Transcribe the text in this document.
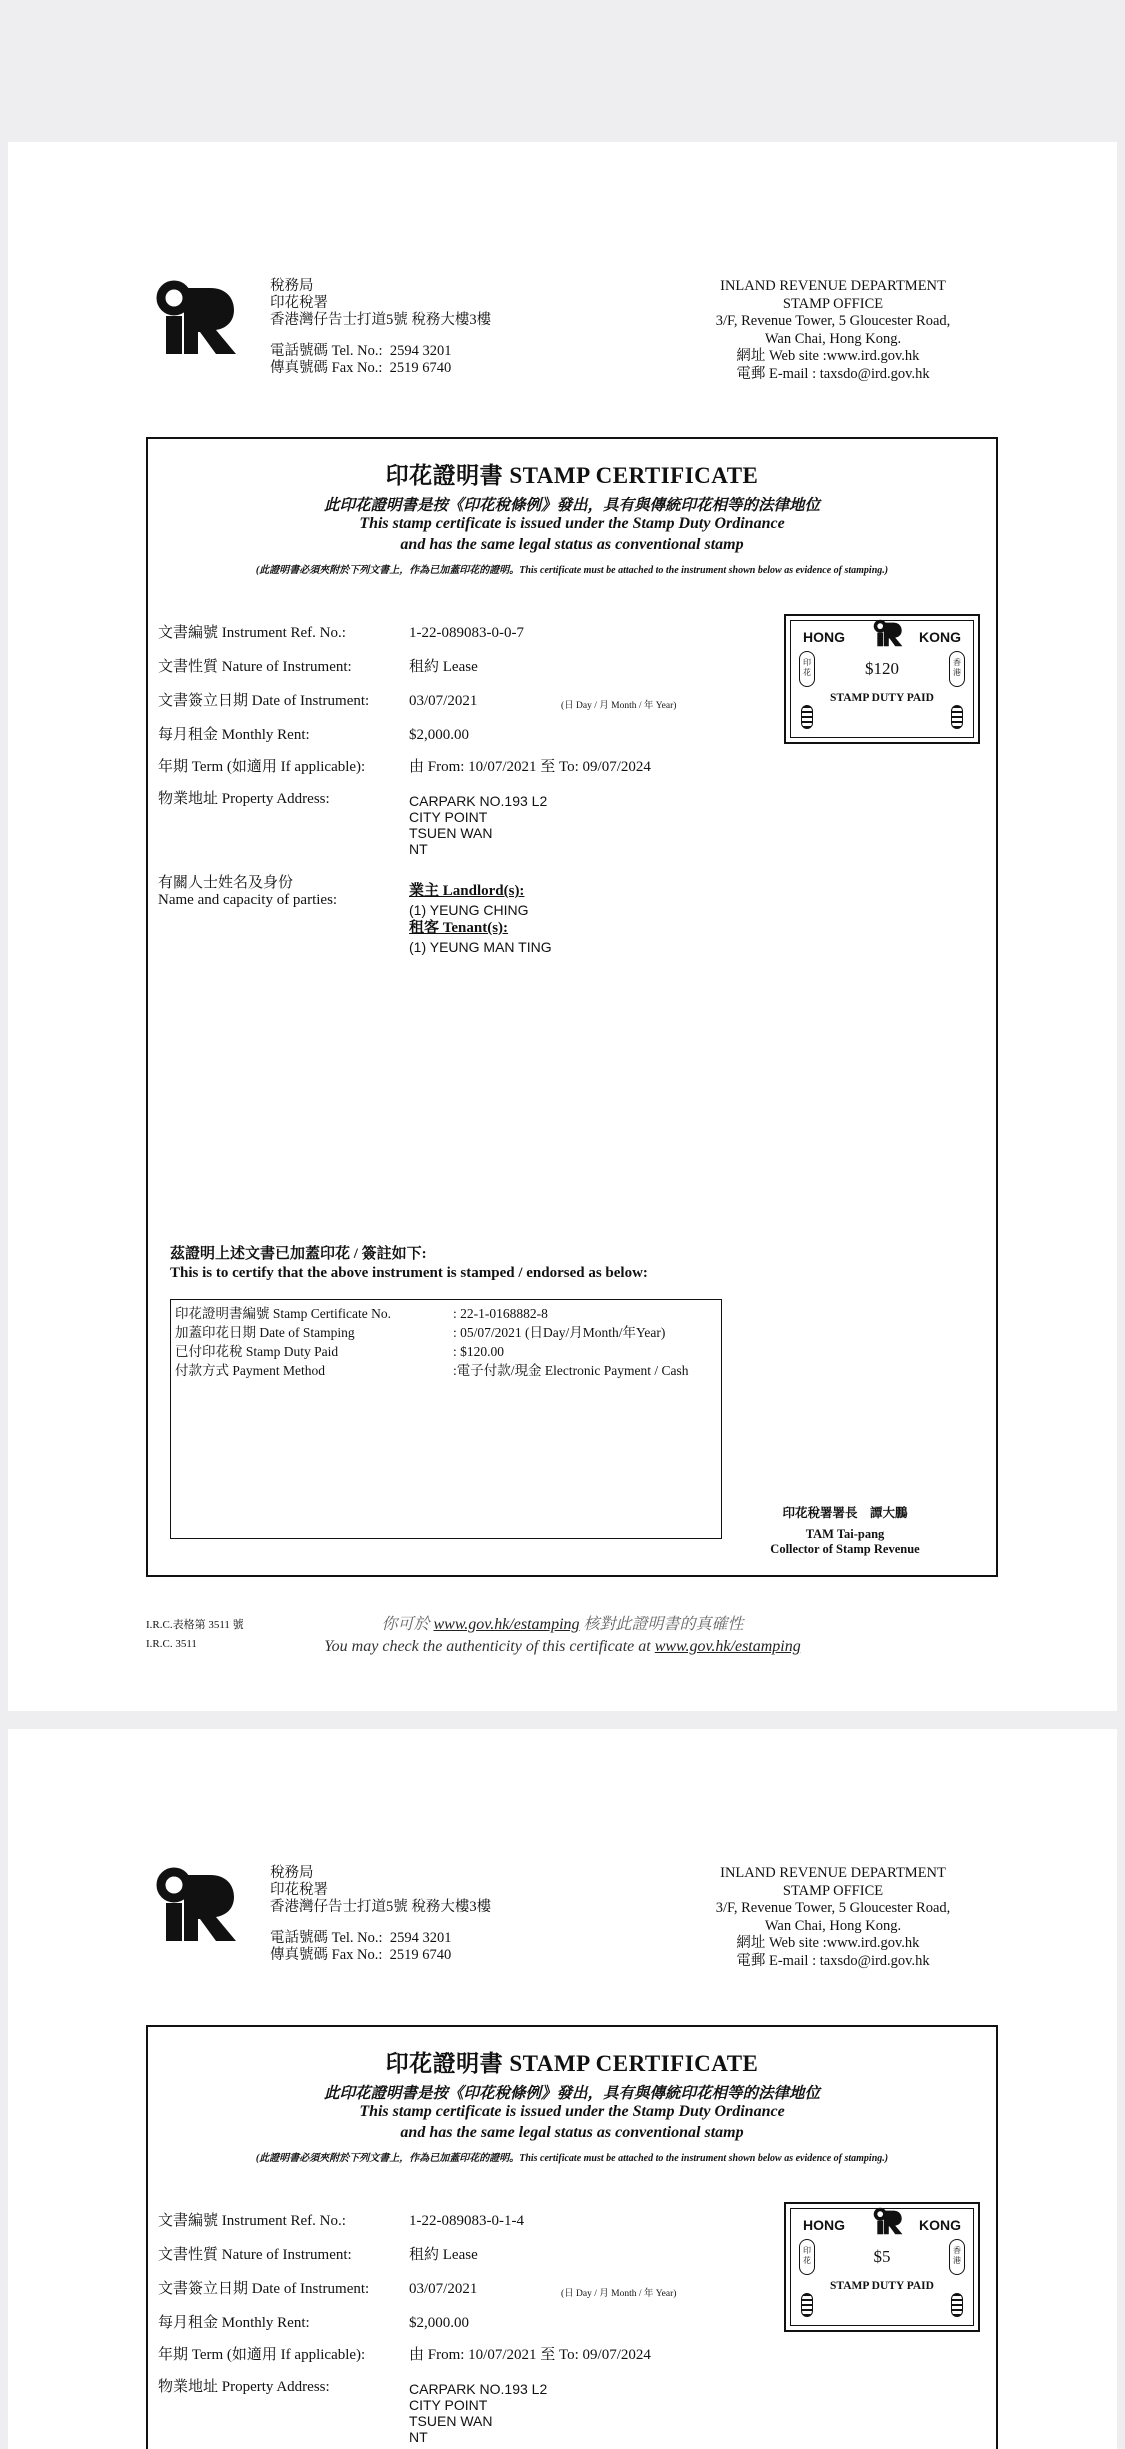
稅務局
印花稅署
香港灣仔告士打道5號 稅務大樓3樓
電話號碼 Tel. No.: 2594 3201
傳真號碼 Fax No.: 2519 6740
INLAND REVENUE DEPARTMENT
STAMP OFFICE
3/F, Revenue Tower, 5 Gloucester Road,
Wan Chai, Hong Kong.
網址 Web site :www.ird.gov.hk
電郵 E-mail : taxsdo@ird.gov.hk
印花證明書 STAMP CERTIFICATE
此印花證明書是按《印花稅條例》發出，具有與傳統印花相等的法律地位
This stamp certificate is issued under the Stamp Duty Ordinance
and has the same legal status as conventional stamp
(此證明書必須夾附於下列文書上，作為已加蓋印花的證明。This certificate must be attached to the instrument shown below as evidence of stamping.)
文書編號 Instrument Ref. No.:	1-22-089083-0-0-7
文書性質 Nature of Instrument:	租約 Lease
文書簽立日期 Date of Instrument:	03/07/2021	(日 Day / 月 Month / 年 Year)
每月租金 Monthly Rent:	$2,000.00
年期 Term (如適用 If applicable):	由 From: 10/07/2021 至 To: 09/07/2024
物業地址 Property Address:	CARPARK NO.193 L2
CITY POINT
TSUEN WAN
NT
有關人士姓名及身份
Name and capacity of parties:
業主 Landlord(s):
(1) YEUNG CHING
租客 Tenant(s):
(1) YEUNG MAN TING
HONG	KONG
印花
香港
$120
STAMP DUTY PAID
茲證明上述文書已加蓋印花 / 簽註如下:
This is to certify that the above instrument is stamped / endorsed as below:
印花證明書編號 Stamp Certificate No.	: 22-1-0168882-8
加蓋印花日期 Date of Stamping	: 05/07/2021 (日Day/月Month/年Year)
已付印花稅 Stamp Duty Paid	: $120.00
付款方式 Payment Method	:電子付款/現金 Electronic Payment / Cash
印花稅署署長　譚大鵬
TAM Tai-pang
Collector of Stamp Revenue
I.R.C.表格第 3511 號
I.R.C. 3511
你可於 www.gov.hk/estamping 核對此證明書的真確性
You may check the authenticity of this certificate at www.gov.hk/estamping
稅務局
印花稅署
香港灣仔告士打道5號 稅務大樓3樓
電話號碼 Tel. No.: 2594 3201
傳真號碼 Fax No.: 2519 6740
INLAND REVENUE DEPARTMENT
STAMP OFFICE
3/F, Revenue Tower, 5 Gloucester Road,
Wan Chai, Hong Kong.
網址 Web site :www.ird.gov.hk
電郵 E-mail : taxsdo@ird.gov.hk
印花證明書 STAMP CERTIFICATE
此印花證明書是按《印花稅條例》發出，具有與傳統印花相等的法律地位
This stamp certificate is issued under the Stamp Duty Ordinance
and has the same legal status as conventional stamp
(此證明書必須夾附於下列文書上，作為已加蓋印花的證明。This certificate must be attached to the instrument shown below as evidence of stamping.)
文書編號 Instrument Ref. No.:	1-22-089083-0-1-4
文書性質 Nature of Instrument:	租約 Lease
文書簽立日期 Date of Instrument:	03/07/2021	(日 Day / 月 Month / 年 Year)
每月租金 Monthly Rent:	$2,000.00
年期 Term (如適用 If applicable):	由 From: 10/07/2021 至 To: 09/07/2024
物業地址 Property Address:	CARPARK NO.193 L2
CITY POINT
TSUEN WAN
NT
HONG	KONG
印花
香港
$5
STAMP DUTY PAID
